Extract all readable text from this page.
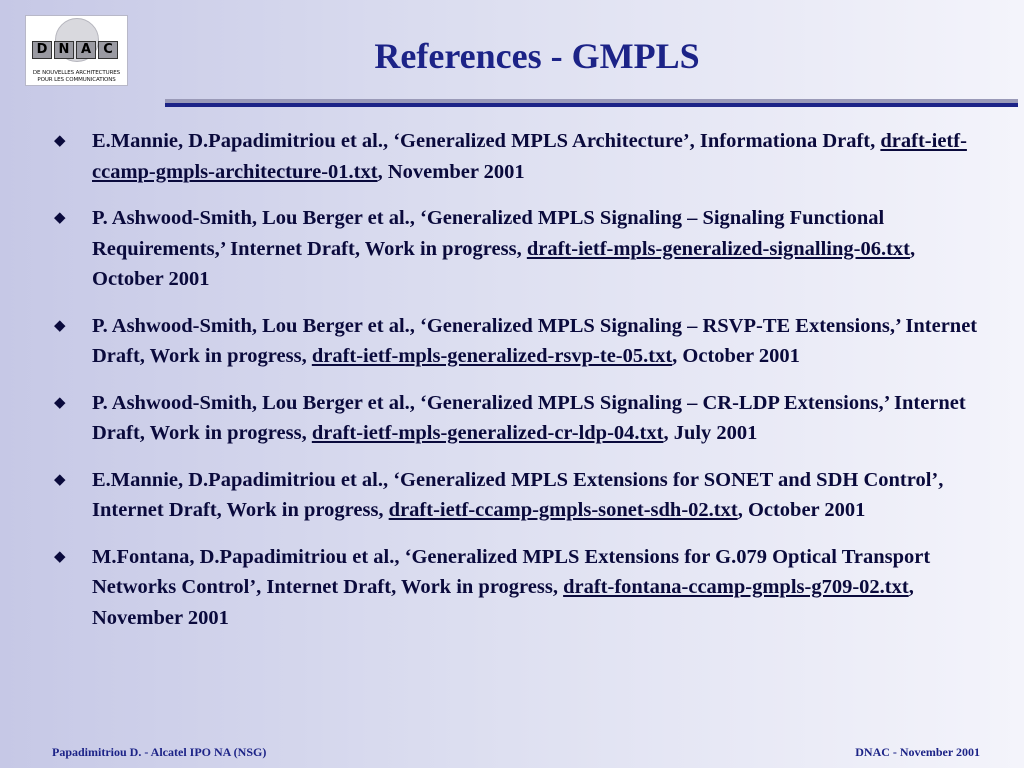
D N A C
DE NOUVELLES ARCHITECTURES
POUR LES COMMUNICATIONS
References - GMPLS
◆ E.Mannie, D.Papadimitriou et al., ‘Generalized MPLS Architecture’, Informationa Draft, draft-ietf-ccamp-gmpls-architecture-01.txt, November 2001
◆ P. Ashwood-Smith, Lou Berger et al., ‘Generalized MPLS Signaling – Signaling Functional Requirements,’ Internet Draft, Work in progress, draft-ietf-mpls-generalized-signalling-06.txt, October 2001
◆ P. Ashwood-Smith, Lou Berger et al., ‘Generalized MPLS Signaling – RSVP-TE Extensions,’ Internet Draft, Work in progress, draft-ietf-mpls-generalized-rsvp-te-05.txt, October 2001
◆ P. Ashwood-Smith, Lou Berger et al., ‘Generalized MPLS Signaling – CR-LDP Extensions,’ Internet Draft, Work in progress, draft-ietf-mpls-generalized-cr-ldp-04.txt, July 2001
◆ E.Mannie, D.Papadimitriou et al., ‘Generalized MPLS Extensions for SONET and SDH Control’, Internet Draft, Work in progress, draft-ietf-ccamp-gmpls-sonet-sdh-02.txt, October 2001
◆ M.Fontana, D.Papadimitriou et al., ‘Generalized MPLS Extensions for G.079 Optical Transport Networks Control’, Internet Draft, Work in progress, draft-fontana-ccamp-gmpls-g709-02.txt, November 2001
Papadimitriou D. - Alcatel IPO NA (NSG)	DNAC - November 2001
